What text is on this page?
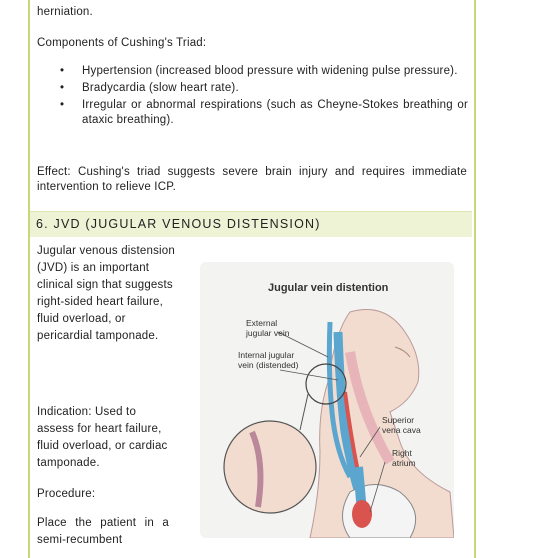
herniation.
Components of Cushing's Triad:
• Hypertension (increased blood pressure with widening pulse pressure).
• Bradycardia (slow heart rate).
• Irregular or abnormal respirations (such as Cheyne-Stokes breathing or ataxic breathing).
Effect: Cushing's triad suggests severe brain injury and requires immediate intervention to relieve ICP.
6. JVD (JUGULAR VENOUS DISTENSION)
Jugular venous distension (JVD) is an important clinical sign that suggests right-sided heart failure, fluid overload, or pericardial tamponade.
Indication: Used to assess for heart failure, fluid overload, or cardiac tamponade.
Procedure:
Place the patient in a semi-recumbent
Jugular vein distention
External
jugular vein
Internal jugular
vein (distended)
Superior
vena cava
Right
atrium
